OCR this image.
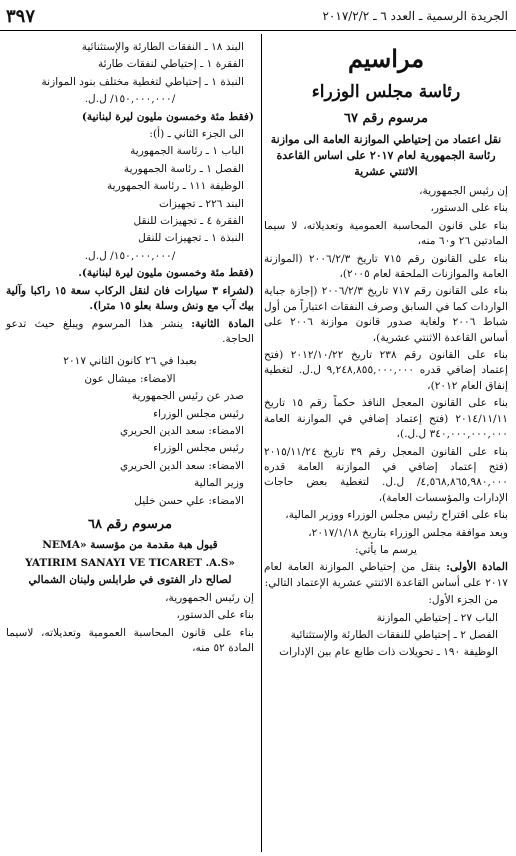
٣٩٧	الجريدة الرسمية ـ العدد ٦ ـ ٢٠١٧/٢/٢
مراسيم
رئاسة مجلس الوزراء
مرسوم رقم ٦٧
نقل اعتماد من إحتياطي الموازنة العامة الى موازنة رئاسة الجمهورية لعام ٢٠١٧ على اساس القاعدة الاثنتي عشرية

إن رئيس الجمهورية،

بناء على الدستور،

بناء على قانون المحاسبة العمومية وتعديلاته، لا سيما المادتين ٢٦ و٦٠ منه،

بناء على القانون رقم ٧١٥ تاريخ ٢٠٠٦/٢/٣ (الموازنة العامة والموازنات الملحقة لعام ٢٠٠٥)،

بناء على القانون رقم ٧١٧ تاريخ ٢٠٠٦/٢/٣ (إجازة جباية الواردات كما في السابق وصرف النفقات اعتباراً من أول شباط ٢٠٠٦ ولغاية صدور قانون موازنة ٢٠٠٦ على أساس القاعدة الاثنتي عشرية)،

بناء على القانون رقم ٢٣٨ تاريخ ٢٠١٢/١٠/٢٢ (فتح إعتماد إضافي قدره ٩,٢٤٨,٨٥٥,٠٠٠,٠٠٠ ل.ل. لتغطية إنفاق العام ٢٠١٢)،

بناء على القانون المعجل النافذ حكماً رقم ١٥ تاريخ ٢٠١٤/١١/١١ (فتح إعتماد إضافي في الموازنة العامة ٣٤٠,٠٠٠,٠٠٠,٠٠٠ ل.ل.)،

بناء على القانون المعجل رقم ٣٩ تاريخ ٢٠١٥/١١/٢٤ (فتح إعتماد إضافي في الموازنة العامة قدره ٤,٥٦٨,٨٦٥,٩٨٠,٠٠٠/ ل.ل. لتغطية بعض حاجات الإدارات والمؤسسات العامة)،

بناء على اقتراح رئيس مجلس الوزراء ووزير المالية،

وبعد موافقة مجلس الوزراء بتاريخ ٢٠١٧/١/١٨،

يرسم ما يأتي:

المادة الأولى: ينقل من إحتياطي الموازنة العامة لعام ٢٠١٧ على أساس القاعدة الاثنتي عشرية الإعتماد التالي:

من الجزء الأول:

الباب ٢٧ ـ إحتياطي الموازنة

الفصل ٢ ـ إحتياطي للنفقات الطارئة والإستثنائية

الوظيفة ١٩٠ ـ تحويلات ذات طابع عام بين الإدارات

البند ١٨ ـ النفقات الطارئة والإستثنائية

الفقرة ١ ـ إحتياطي لنفقات طارئة

النبذة ١ ـ إحتياطي لتغطية مختلف بنود الموازنة

/١٥٠,٠٠٠,٠٠٠/ ل.ل.

(فقط مئة وخمسون مليون ليرة لبنانية)

الى الجزء الثاني ـ (أ):

الباب ١ ـ رئاسة الجمهورية

الفصل ١ ـ رئاسة الجمهورية

الوظيفة ١١١ ـ رئاسة الجمهورية

البند ٢٢٦ ـ تجهيزات

الفقرة ٤ ـ تجهيزات للنقل

النبذة ١ ـ تجهيزات للنقل

/١٥٠,٠٠٠,٠٠٠/ ل.ل.

(فقط مئة وخمسون مليون ليرة لبنانية).

(لشراء ٣ سيارات فان لنقل الركاب سعة ١٥ راكبا وآلية بيك آب مع ونش وسلة بعلو ١٥ مترا).

المادة الثانية: ينشر هذا المرسوم ويبلغ حيث تدعو الحاجة.

بعبدا في ٢٦ كانون الثاني ٢٠١٧

الامضاء: ميشال عون

صدر عن رئيس الجمهورية

رئيس مجلس الوزراء

الامضاء: سعد الدين الحريري

رئيس مجلس الوزراء

الامضاء: سعد الدين الحريري

وزير المالية

الامضاء: علي حسن خليل

مرسوم رقم ٦٨

قبول هبة مقدمة من مؤسسة «NEMA

YATIRIM SANAYI VE TICARET .A.S»

لصالح دار الفتوى في طرابلس ولبنان الشمالي

إن رئيس الجمهورية،

بناء على الدستور،

بناء على قانون المحاسبة العمومية وتعديلاته، لاسيما المادة ٥٢ منه،
